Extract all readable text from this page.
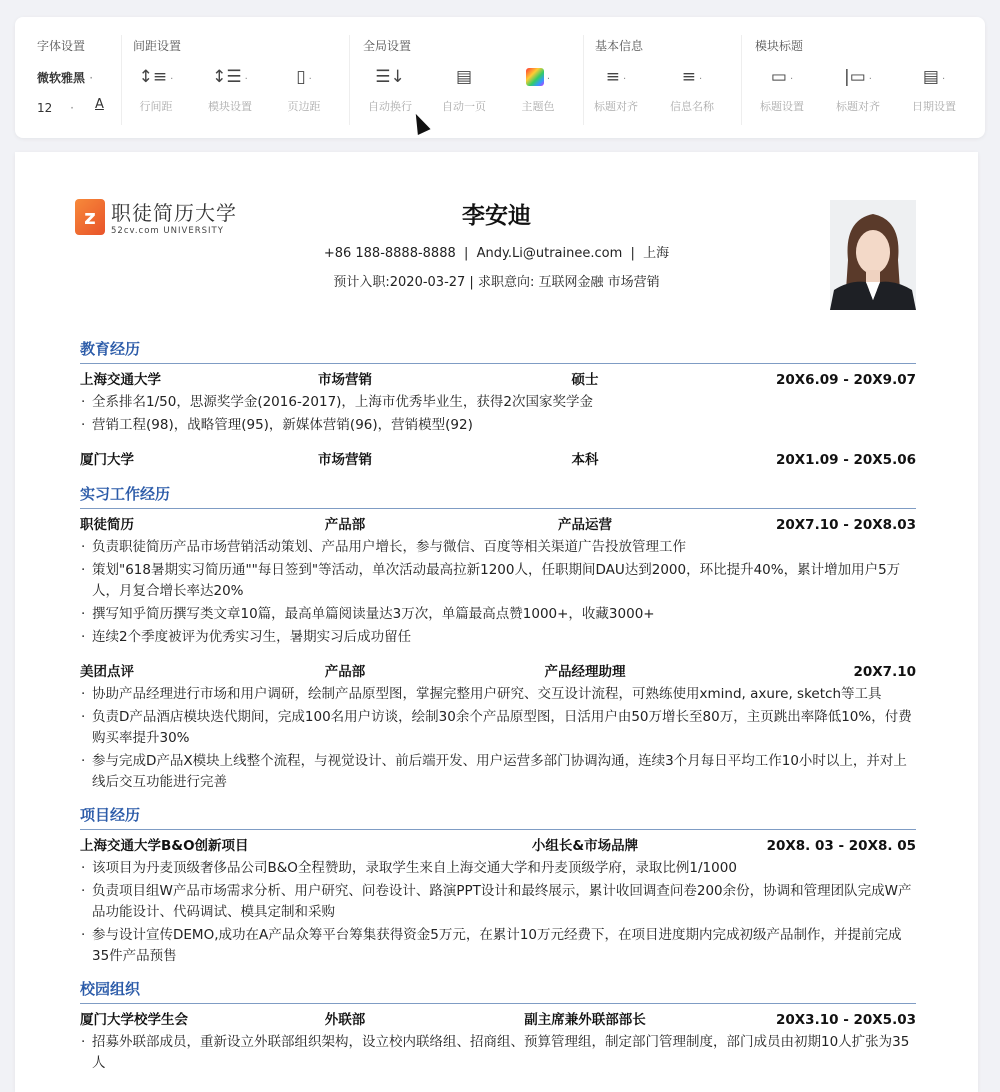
字体设置	间距设置	全局设置	基本信息	模块标题
微软雅黑 ·
12 · A
↕≡ ·
行间距
↕☰ ·
模块设置
▯ ·
页边距
☰↓
自动换行
▤
自动一页
·
主题色
≡ ·
标题对齐
≡ ·
信息名称
▭ ·
标题设置
|▭ ·
标题对齐
▤ ·
日期设置
z 职徒简历大学
52cv.com UNIVERSITY
李安迪
+86 188-8888-8888  |  Andy.Li@utrainee.com  |  上海
预计入职:2020-03-27 | 求职意向: 互联网金融 市场营销
教育经历
上海交通大学	市场营销	硕士	20X6.09 - 20X9.07
· 全系排名1/50，思源奖学金(2016-2017)，上海市优秀毕业生，获得2次国家奖学金
· 营销工程(98)，战略管理(95)，新媒体营销(96)，营销模型(92)
厦门大学	市场营销	本科	20X1.09 - 20X5.06
实习工作经历
职徒简历	产品部	产品运营	20X7.10 - 20X8.03
· 负责职徒简历产品市场营销活动策划、产品用户增长，参与微信、百度等相关渠道广告投放管理工作
· 策划"618暑期实习简历通""每日签到"等活动，单次活动最高拉新1200人，任职期间DAU达到2000，环比提升40%，累计增加用户5万人，月复合增长率达20%
· 撰写知乎简历撰写类文章10篇，最高单篇阅读量达3万次，单篇最高点赞1000+，收藏3000+
· 连续2个季度被评为优秀实习生，暑期实习后成功留任
美团点评	产品部	产品经理助理	20X7.10
· 协助产品经理进行市场和用户调研，绘制产品原型图，掌握完整用户研究、交互设计流程，可熟练使用xmind, axure, sketch等工具
· 负责D产品酒店模块迭代期间，完成100名用户访谈，绘制30余个产品原型图，日活用户由50万增长至80万，主页跳出率降低10%，付费购买率提升30%
· 参与完成D产品X模块上线整个流程，与视觉设计、前后端开发、用户运营多部门协调沟通，连续3个月每日平均工作10小时以上，并对上线后交互功能进行完善
项目经历
上海交通大学B&O创新项目	小组长&市场品牌	20X8. 03 - 20X8. 05
· 该项目为丹麦顶级奢侈品公司B&O全程赞助，录取学生来自上海交通大学和丹麦顶级学府，录取比例1/1000
· 负责项目组W产品市场需求分析、用户研究、问卷设计、路演PPT设计和最终展示，累计收回调查问卷200余份，协调和管理团队完成W产品功能设计、代码调试、模具定制和采购
· 参与设计宣传DEMO,成功在A产品众筹平台筹集获得资金5万元，在累计10万元经费下，在项目进度期内完成初级产品制作，并提前完成35件产品预售
校园组织
厦门大学校学生会	外联部	副主席兼外联部部长	20X3.10 - 20X5.03
· 招募外联部成员，重新设立外联部组织架构，设立校内联络组、招商组、预算管理组，制定部门管理制度，部门成员由初期10人扩张为35人
